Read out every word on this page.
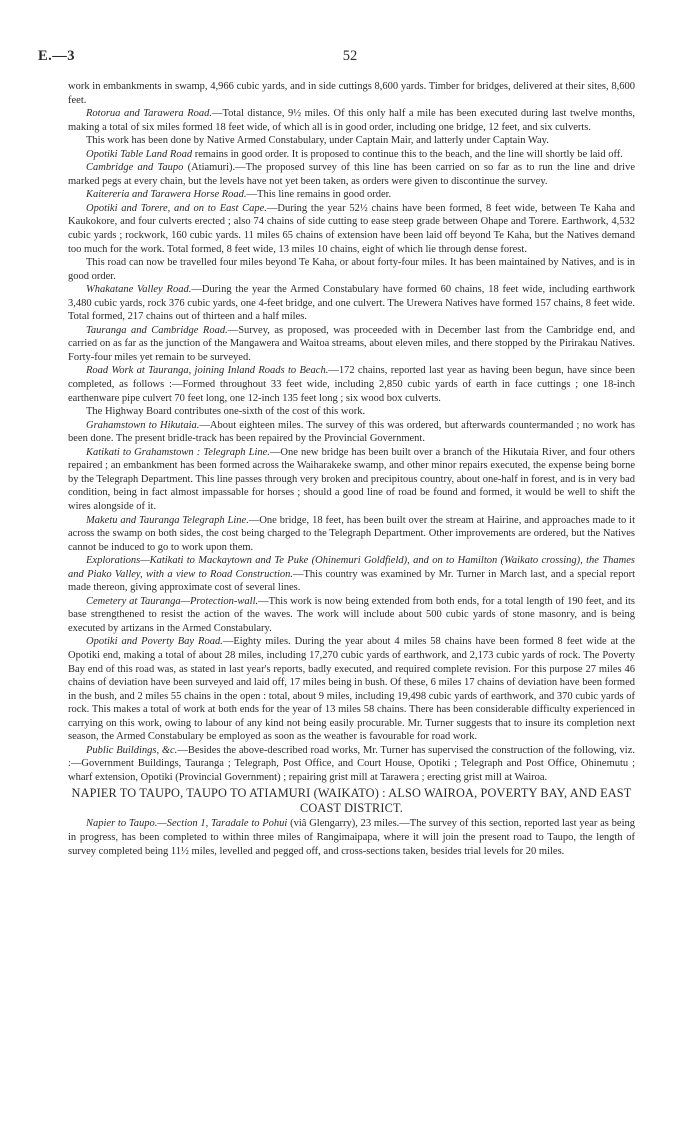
E.—3	52

work in embankments in swamp, 4,966 cubic yards, and in side cuttings 8,600 yards. Timber for bridges, delivered at their sites, 8,600 feet.

Rotorua and Tarawera Road.—Total distance, 9½ miles. Of this only half a mile has been executed during last twelve months, making a total of six miles formed 18 feet wide, of which all is in good order, including one bridge, 12 feet, and six culverts.

This work has been done by Native Armed Constabulary, under Captain Mair, and latterly under Captain Way.

Opotiki Table Land Road remains in good order. It is proposed to continue this to the beach, and the line will shortly be laid off.

Cambridge and Taupo (Atiamuri).—The proposed survey of this line has been carried on so far as to run the line and drive marked pegs at every chain, but the levels have not yet been taken, as orders were given to discontinue the survey.

Kaitereria and Tarawera Horse Road.—This line remains in good order.

Opotiki and Torere, and on to East Cape.—During the year 52½ chains have been formed, 8 feet wide, between Te Kaha and Kaukokore, and four culverts erected ; also 74 chains of side cutting to ease steep grade between Ohape and Torere. Earthwork, 4,532 cubic yards ; rockwork, 160 cubic yards. 11 miles 65 chains of extension have been laid off beyond Te Kaha, but the Natives demand too much for the work. Total formed, 8 feet wide, 13 miles 10 chains, eight of which lie through dense forest.

This road can now be travelled four miles beyond Te Kaha, or about forty-four miles. It has been maintained by Natives, and is in good order.

Whakatane Valley Road.—During the year the Armed Constabulary have formed 60 chains, 18 feet wide, including earthwork 3,480 cubic yards, rock 376 cubic yards, one 4-feet bridge, and one culvert. The Urewera Natives have formed 157 chains, 8 feet wide. Total formed, 217 chains out of thirteen and a half miles.

Tauranga and Cambridge Road.—Survey, as proposed, was proceeded with in December last from the Cambridge end, and carried on as far as the junction of the Mangawera and Waitoa streams, about eleven miles, and there stopped by the Pirirakau Natives. Forty-four miles yet remain to be surveyed.

Road Work at Tauranga, joining Inland Roads to Beach.—172 chains, reported last year as having been begun, have since been completed, as follows :—Formed throughout 33 feet wide, including 2,850 cubic yards of earth in face cuttings ; one 18-inch earthenware pipe culvert 70 feet long, one 12-inch 135 feet long ; six wood box culverts.

The Highway Board contributes one-sixth of the cost of this work.

Grahamstown to Hikutaia.—About eighteen miles. The survey of this was ordered, but afterwards countermanded ; no work has been done. The present bridle-track has been repaired by the Provincial Government.

Katikati to Grahamstown : Telegraph Line.—One new bridge has been built over a branch of the Hikutaia River, and four others repaired ; an embankment has been formed across the Waiharakeke swamp, and other minor repairs executed, the expense being borne by the Telegraph Department. This line passes through very broken and precipitous country, about one-half in forest, and is in very bad condition, being in fact almost impassable for horses ; should a good line of road be found and formed, it would be well to shift the wires alongside of it.

Maketu and Tauranga Telegraph Line.—One bridge, 18 feet, has been built over the stream at Hairine, and approaches made to it across the swamp on both sides, the cost being charged to the Telegraph Department. Other improvements are ordered, but the Natives cannot be induced to go to work upon them.

Explorations—Katikati to Mackaytown and Te Puke (Ohinemuri Goldfield), and on to Hamilton (Waikato crossing), the Thames and Piako Valley, with a view to Road Construction.—This country was examined by Mr. Turner in March last, and a special report made thereon, giving approximate cost of several lines.

Cemetery at Tauranga—Protection-wall.—This work is now being extended from both ends, for a total length of 190 feet, and its base strengthened to resist the action of the waves. The work will include about 500 cubic yards of stone masonry, and is being executed by artizans in the Armed Constabulary.

Opotiki and Poverty Bay Road.—Eighty miles. During the year about 4 miles 58 chains have been formed 8 feet wide at the Opotiki end, making a total of about 28 miles, including 17,270 cubic yards of earthwork, and 2,173 cubic yards of rock. The Poverty Bay end of this road was, as stated in last year's reports, badly executed, and required complete revision. For this purpose 27 miles 46 chains of deviation have been surveyed and laid off, 17 miles being in bush. Of these, 6 miles 17 chains of deviation have been formed in the bush, and 2 miles 55 chains in the open : total, about 9 miles, including 19,498 cubic yards of earthwork, and 370 cubic yards of rock. This makes a total of work at both ends for the year of 13 miles 58 chains. There has been considerable difficulty experienced in carrying on this work, owing to labour of any kind not being easily procurable. Mr. Turner suggests that to insure its completion next season, the Armed Constabulary be employed as soon as the weather is favourable for road work.

Public Buildings, &c.—Besides the above-described road works, Mr. Turner has supervised the construction of the following, viz. :—Government Buildings, Tauranga ; Telegraph, Post Office, and Court House, Opotiki ; Telegraph and Post Office, Ohinemutu ; wharf extension, Opotiki (Provincial Government) ; repairing grist mill at Tarawera ; erecting grist mill at Wairoa.

NAPIER TO TAUPO, TAUPO TO ATIAMURI (WAIKATO) : ALSO WAIROA, POVERTY BAY, AND EAST COAST DISTRICT.

Napier to Taupo.—Section 1, Taradale to Pohui (viâ Glengarry), 23 miles.—The survey of this section, reported last year as being in progress, has been completed to within three miles of Rangimaipapa, where it will join the present road to Taupo, the length of survey completed being 11½ miles, levelled and pegged off, and cross-sections taken, besides trial levels for 20 miles.
